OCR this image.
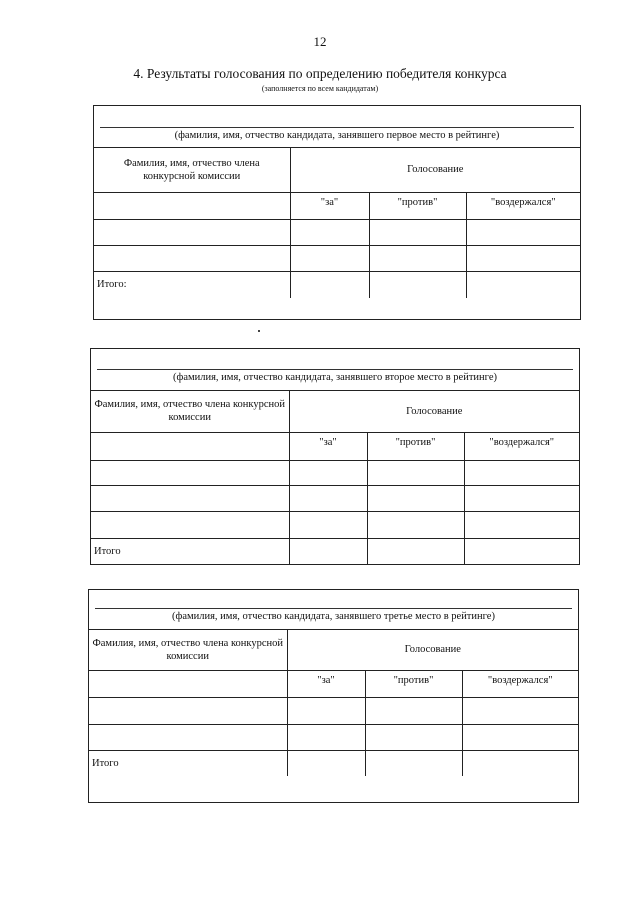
12
4. Результаты голосования по определению победителя конкурса
(заполняется по всем кандидатам)
(фамилия, имя, отчество кандидата, занявшего первое место в рейтинге)
Фамилия, имя, отчество члена конкурсной комиссии	Голосование		

	"за"	"против"	"воздержался"

Итого:			
(фамилия, имя, отчество кандидата, занявшего второе место в рейтинге)
Фамилия, имя, отчество члена конкурсной комиссии	Голосование		

	"за"	"против"	"воздержался"

Итого			
(фамилия, имя, отчество кандидата, занявшего третье место в рейтинге)
Фамилия, имя, отчество члена конкурсной комиссии	Голосование		

	"за"	"против"	"воздержался"

Итого			
